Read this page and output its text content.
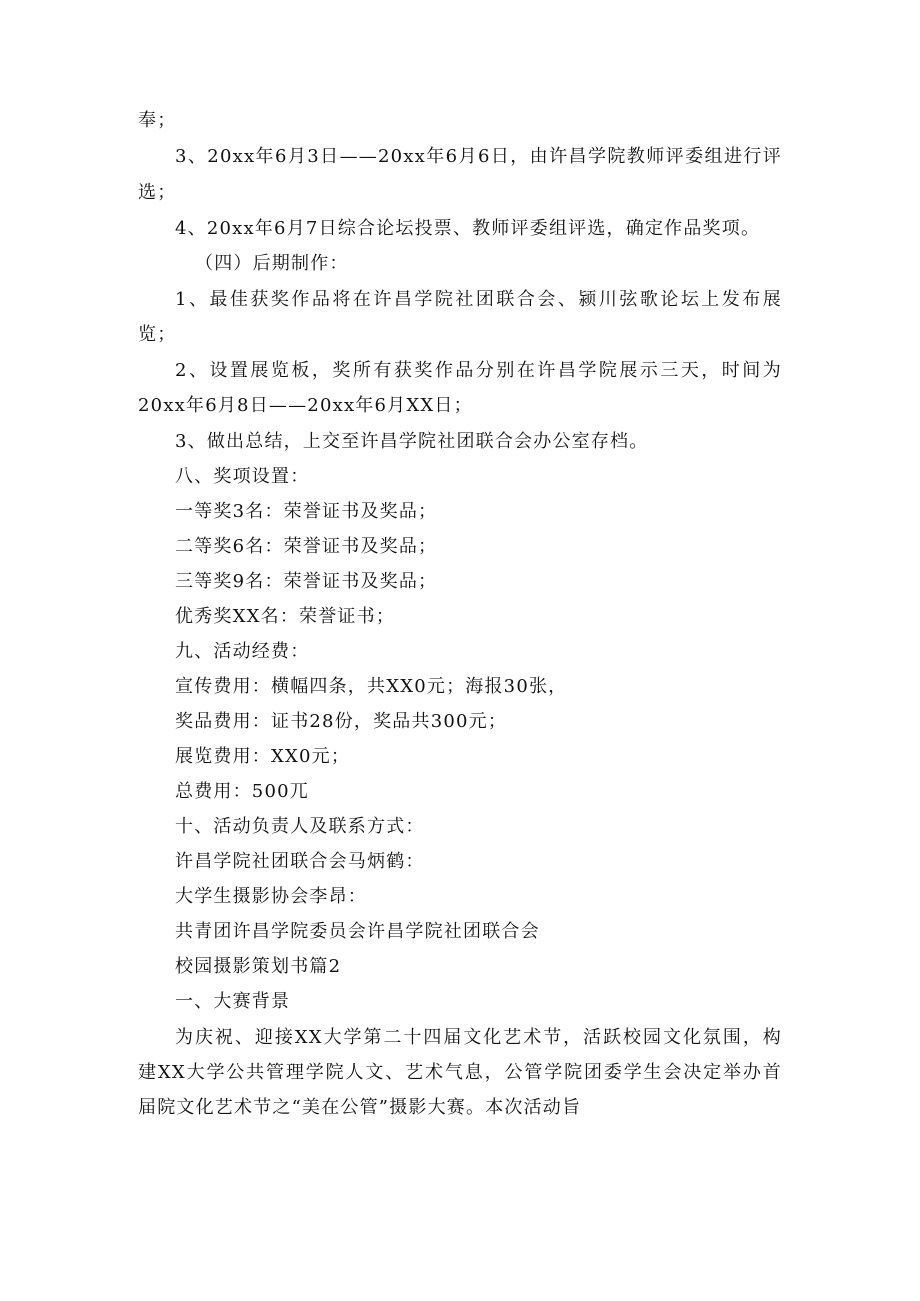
奉；
3、20xx年6月3日——20xx年6月6日，由许昌学院教师评委组进行评
选；
4、20xx年6月7日综合论坛投票、教师评委组评选，确定作品奖项。
（四）后期制作：
1、最佳获奖作品将在许昌学院社团联合会、颍川弦歌论坛上发布展
览；
2、设置展览板，奖所有获奖作品分别在许昌学院展示三天，时间为
20xx年6月8日——20xx年6月XX日；
3、做出总结，上交至许昌学院社团联合会办公室存档。
八、奖项设置：
一等奖3名：荣誉证书及奖品；
二等奖6名：荣誉证书及奖品；
三等奖9名：荣誉证书及奖品；
优秀奖XX名：荣誉证书；
九、活动经费：
宣传费用：横幅四条，共XX0元；海报30张，
奖品费用：证书28份，奖品共300元；
展览费用：XX0元；
总费用：500兀
十、活动负责人及联系方式：
许昌学院社团联合会马炳鹤：
大学生摄影协会李昂：
共青团许昌学院委员会许昌学院社团联合会
校园摄影策划书篇2
一、大赛背景
为庆祝、迎接XX大学第二十四届文化艺术节，活跃校园文化氛围，构
建XX大学公共管理学院人文、艺术气息，公管学院团委学生会决定举办首
届院文化艺术节之“美在公管”摄影大赛。本次活动旨
